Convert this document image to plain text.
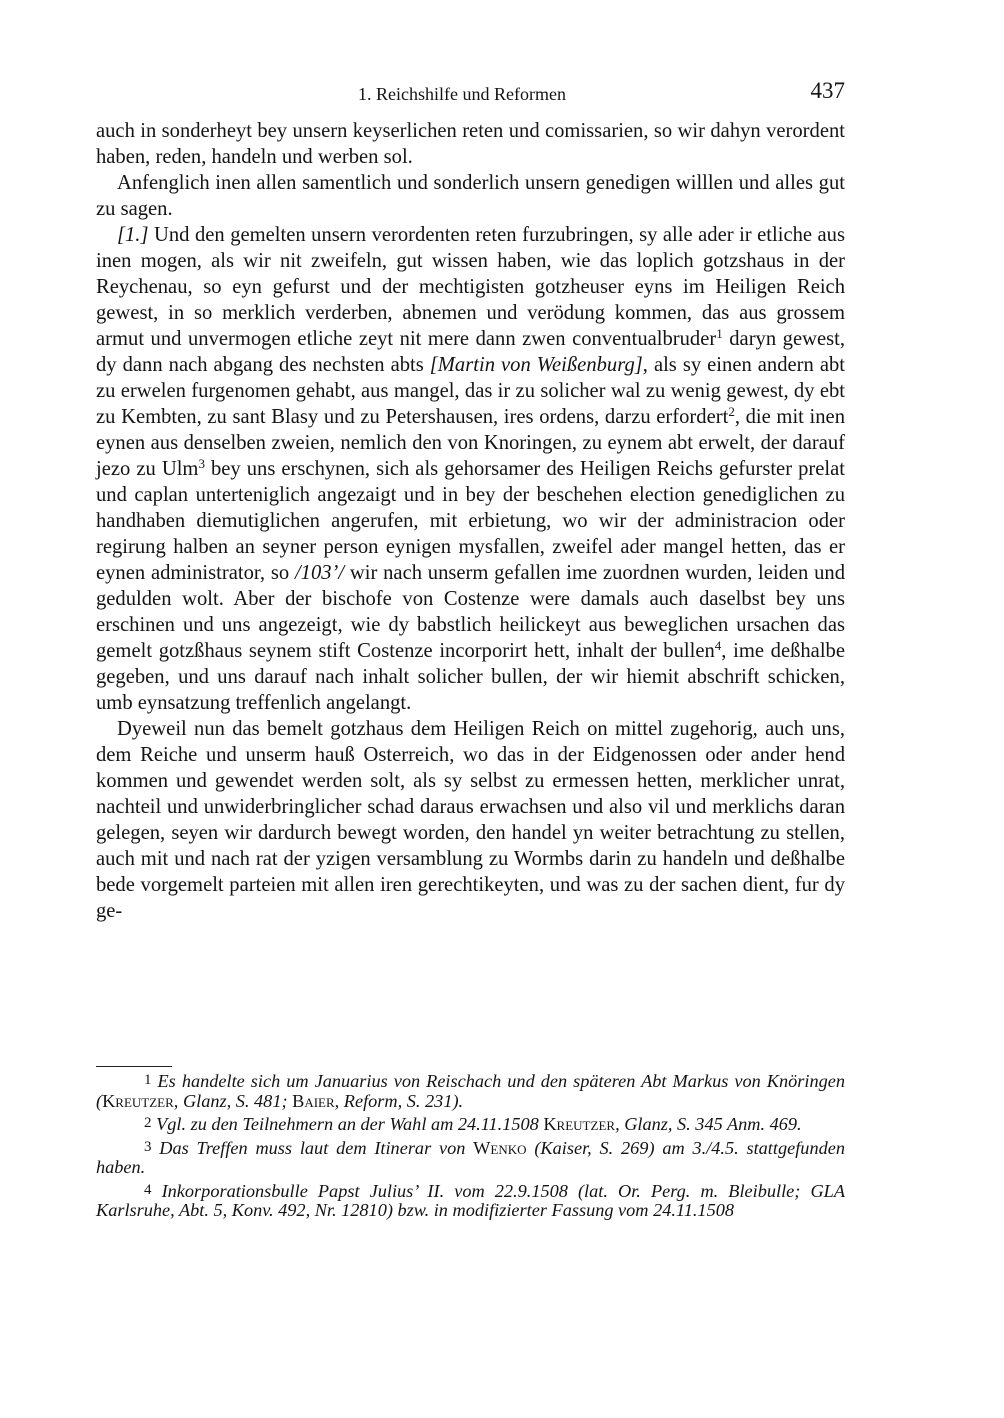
1. Reichshilfe und Reformen	437

auch in sonderheyt bey unsern keyserlichen reten und comissarien, so wir dahyn verordent haben, reden, handeln und werben sol.

Anfenglich inen allen samentlich und sonderlich unsern genedigen willlen und alles gut zu sagen.

[1.] Und den gemelten unsern verordenten reten furzubringen, sy alle ader ir etliche aus inen mogen, als wir nit zweifeln, gut wissen haben, wie das loplich gotzshaus in der Reychenau, so eyn gefurst und der mechtigisten gotzheuser eyns im Heiligen Reich gewest, in so merklich verderben, abnemen und verödung kommen, das aus grossem armut und unvermogen etliche zeyt nit mere dann zwen conventualbruder$^1$ daryn gewest, dy dann nach abgang des nechsten abts [Martin von Weißenburg], als sy einen andern abt zu erwelen furgenomen gehabt, aus mangel, das ir zu solicher wal zu wenig gewest, dy ebt zu Kembten, zu sant Blasy und zu Petershausen, ires ordens, darzu erfordert$^2$, die mit inen eynen aus denselben zweien, nemlich den von Knoringen, zu eynem abt erwelt, der darauf jezo zu Ulm$^3$ bey uns erschynen, sich als gehorsamer des Heiligen Reichs gefurster prelat und caplan unterteniglich angezaigt und in bey der beschehen election genediglichen zu handhaben diemutiglichen angerufen, mit erbietung, wo wir der administracion oder regirung halben an seyner person eynigen mysfallen, zweifel ader mangel hetten, das er eynen administrator, so /103’/ wir nach unserm gefallen ime zuordnen wurden, leiden und gedulden wolt. Aber der bischofe von Costenze were damals auch daselbst bey uns erschinen und uns angezeigt, wie dy babstlich heilickeyt aus beweglichen ursachen das gemelt gotzßhaus seynem stift Costenze incorporirt hett, inhalt der bullen$^4$, ime deßhalbe gegeben, und uns darauf nach inhalt solicher bullen, der wir hiemit abschrift schicken, umb eynsatzung treffenlich angelangt.

Dyeweil nun das bemelt gotzhaus dem Heiligen Reich on mittel zugehorig, auch uns, dem Reiche und unserm hauß Osterreich, wo das in der Eidgenossen oder ander hend kommen und gewendet werden solt, als sy selbst zu ermessen hetten, merklicher unrat, nachteil und unwiderbringlicher schad daraus erwachsen und also vil und merklichs daran gelegen, seyen wir dardurch bewegt worden, den handel yn weiter betrachtung zu stellen, auch mit und nach rat der yzigen versamblung zu Wormbs darin zu handeln und deßhalbe bede vorgemelt parteien mit allen iren gerechtikeyten, und was zu der sachen dient, fur dy ge-

1 Es handelte sich um Januarius von Reischach und den späteren Abt Markus von Knöringen (Kreutzer, Glanz, S. 481; Baier, Reform, S. 231).

2 Vgl. zu den Teilnehmern an der Wahl am 24.11.1508 Kreutzer, Glanz, S. 345 Anm. 469.

3 Das Treffen muss laut dem Itinerar von Wenko (Kaiser, S. 269) am 3./4.5. stattgefunden haben.

4 Inkorporationsbulle Papst Julius’ II. vom 22.9.1508 (lat. Or. Perg. m. Bleibulle; GLA Karlsruhe, Abt. 5, Konv. 492, Nr. 12810) bzw. in modifizierter Fassung vom 24.11.1508
